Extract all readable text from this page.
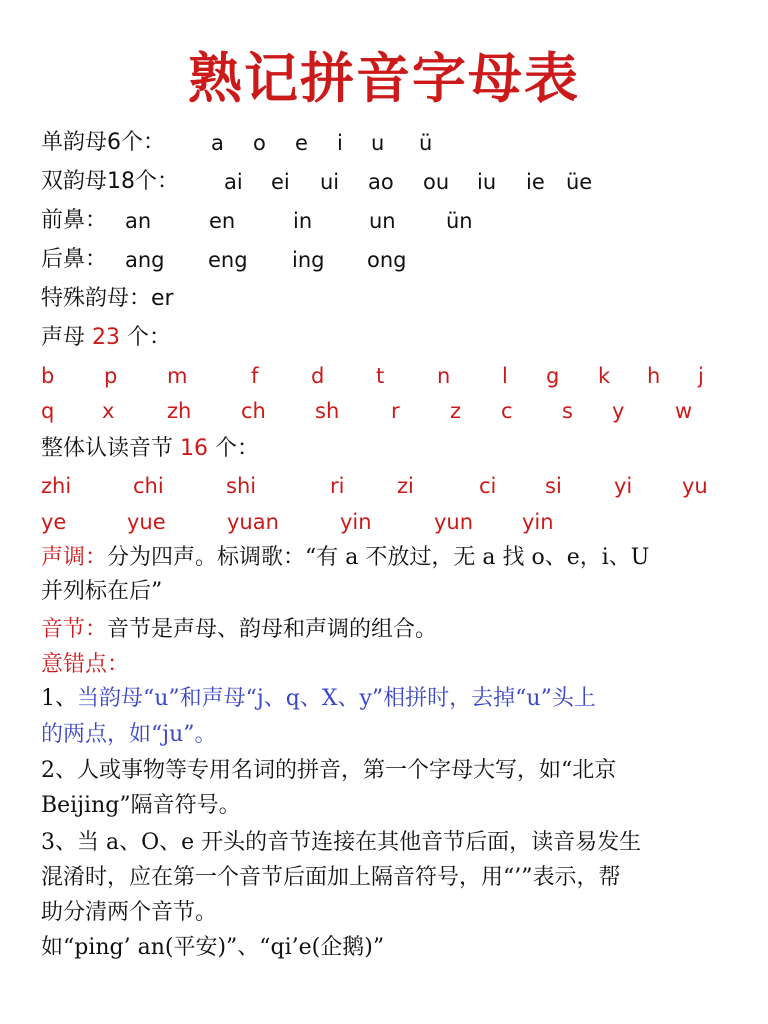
熟记拼音字母表
单韵母6个： a o e i u ü
双韵母18个： ai ei ui ao ou iu ie üe
前鼻： an	en	in	un ün
后鼻： ang eng ing ong
特殊韵母：er
声母 23 个：
b p m	f	d t	n l g k h j
q x	zh ch sh r z c s y w
整体认读音节 16 个：
zhi	chi	shi	ri	zi	ci si yi yu
ye	yue	yuan	yin	yun yin
声调：分为四声。标调歌：“有 a 不放过，无 a 找 o、e，i、U
并列标在后”
音节：音节是声母、韵母和声调的组合。
意错点：
1、当韵母“u”和声母“j、q、X、y”相拼时，去掉“u”头上
的两点，如“ju”。
2、人或事物等专用名词的拼音，第一个字母大写，如“北京
Beijing”隔音符号。
3、当 a、O、e 开头的音节连接在其他音节后面，读音易发生
混淆时，应在第一个音节后面加上隔音符号，用“’”表示，帮
助分清两个音节。
如“ping’ an(平安)”、“qi’e(企鹅)”
